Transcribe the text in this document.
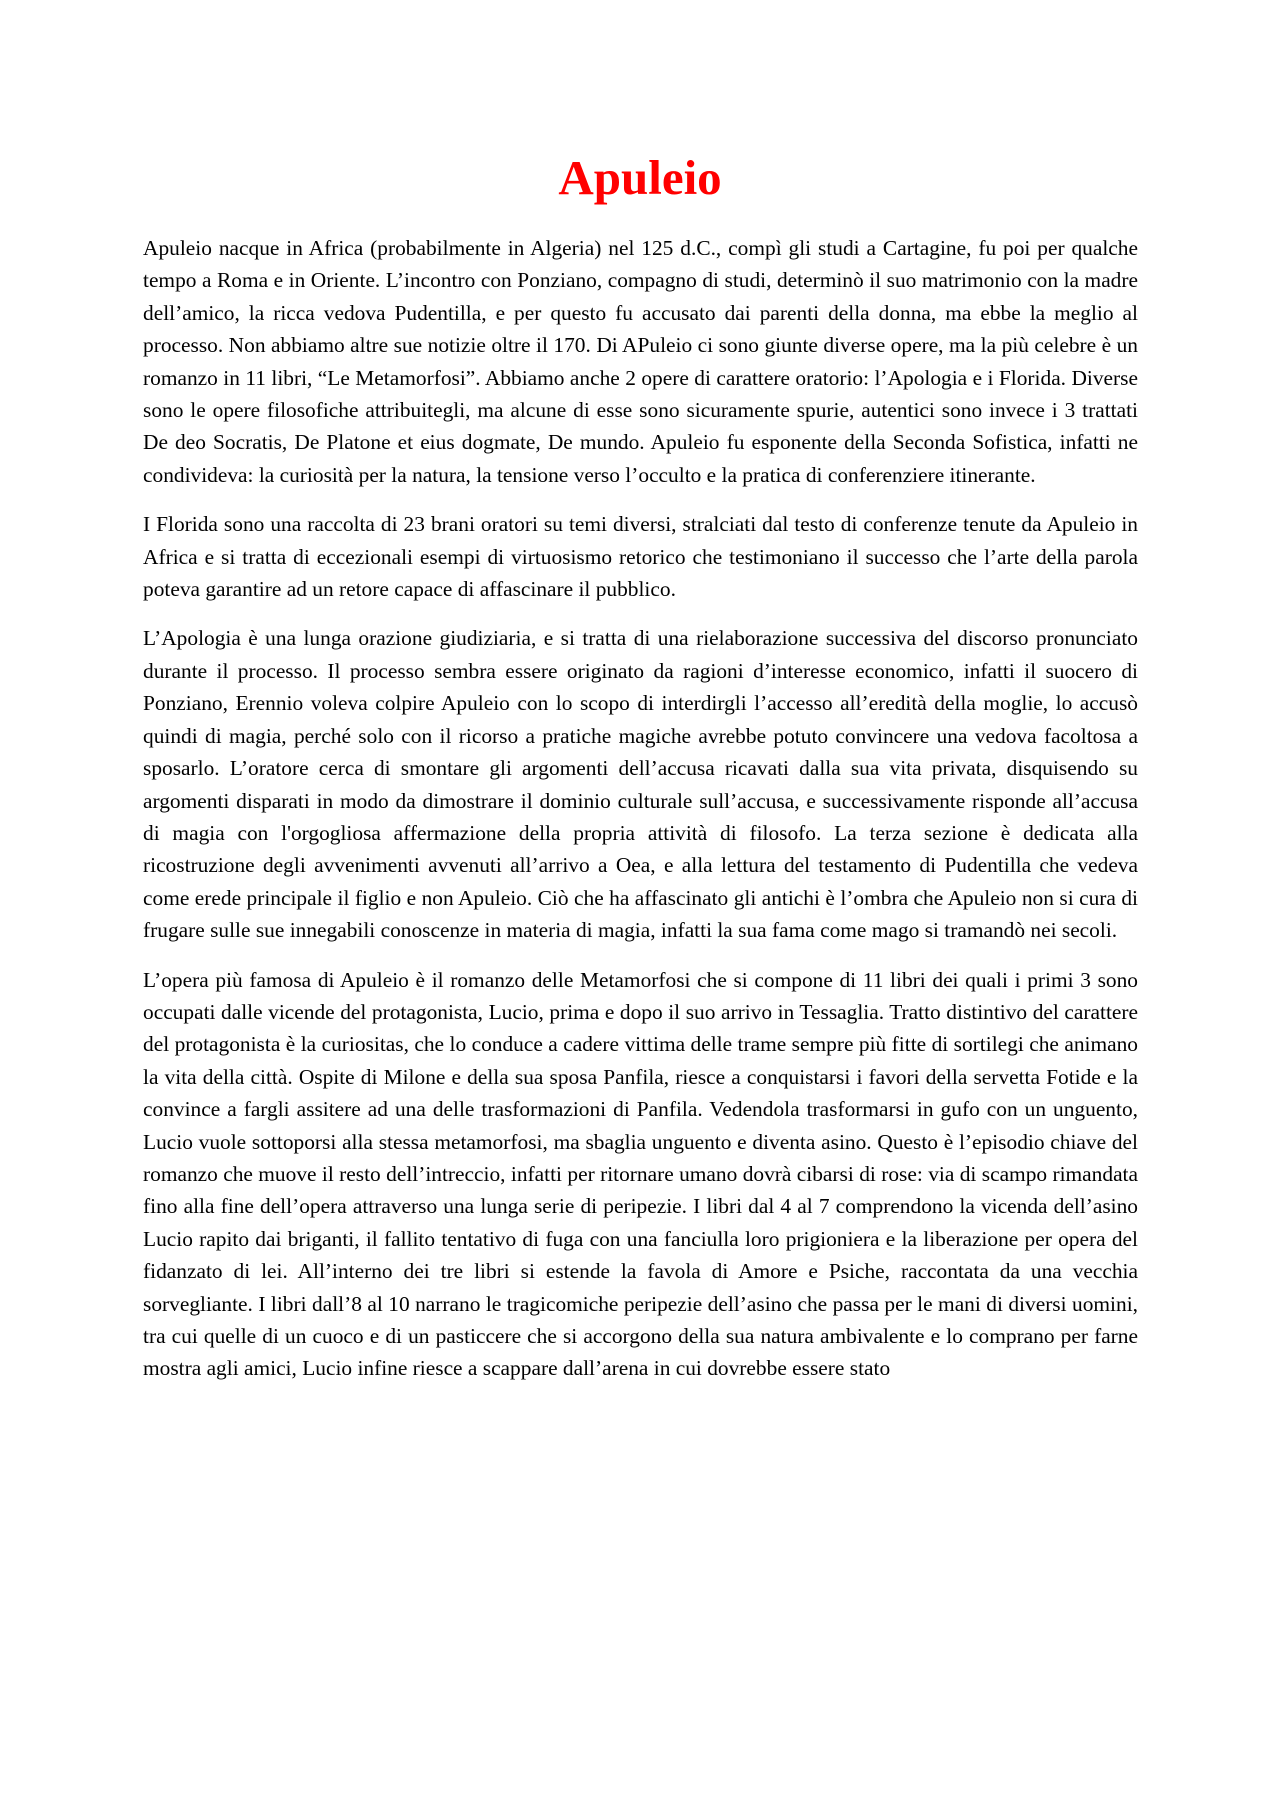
Apuleio

Apuleio nacque in Africa (probabilmente in Algeria) nel 125 d.C., compì gli studi a Cartagine, fu poi per qualche tempo a Roma e in Oriente. L’incontro con Ponziano, compagno di studi, determinò il suo matrimonio con la madre dell’amico, la ricca vedova Pudentilla, e per questo fu accusato dai parenti della donna, ma ebbe la meglio al processo. Non abbiamo altre sue notizie oltre il 170. Di APuleio ci sono giunte diverse opere, ma la più celebre è un romanzo in 11 libri, “Le Metamorfosi”. Abbiamo anche 2 opere di carattere oratorio: l’Apologia e i Florida. Diverse sono le opere filosofiche attribuitegli, ma alcune di esse sono sicuramente spurie, autentici sono invece i 3 trattati De deo Socratis, De Platone et eius dogmate, De mundo. Apuleio fu esponente della Seconda Sofistica, infatti ne condivideva: la curiosità per la natura, la tensione verso l’occulto e la pratica di conferenziere itinerante.

I Florida sono una raccolta di 23 brani oratori su temi diversi, stralciati dal testo di conferenze tenute da Apuleio in Africa e si tratta di eccezionali esempi di virtuosismo retorico che testimoniano il successo che l’arte della parola poteva garantire ad un retore capace di affascinare il pubblico.

L’Apologia è una lunga orazione giudiziaria, e si tratta di una rielaborazione successiva del discorso pronunciato durante il processo. Il processo sembra essere originato da ragioni d’interesse economico, infatti il suocero di Ponziano, Erennio voleva colpire Apuleio con lo scopo di interdirgli l’accesso all’eredità della moglie, lo accusò quindi di magia, perché solo con il ricorso a pratiche magiche avrebbe potuto convincere una vedova facoltosa a sposarlo. L’oratore cerca di smontare gli argomenti dell’accusa ricavati dalla sua vita privata, disquisendo su argomenti disparati in modo da dimostrare il dominio culturale sull’accusa, e successivamente risponde all’accusa di magia con l'orgogliosa affermazione della propria attività di filosofo. La terza sezione è dedicata alla ricostruzione degli avvenimenti avvenuti all’arrivo a Oea, e alla lettura del testamento di Pudentilla che vedeva come erede principale il figlio e non Apuleio. Ciò che ha affascinato gli antichi è l’ombra che Apuleio non si cura di frugare sulle sue innegabili conoscenze in materia di magia, infatti la sua fama come mago si tramandò nei secoli.

L’opera più famosa di Apuleio è il romanzo delle Metamorfosi che si compone di 11 libri dei quali i primi 3 sono occupati dalle vicende del protagonista, Lucio, prima e dopo il suo arrivo in Tessaglia. Tratto distintivo del carattere del protagonista è la curiositas, che lo conduce a cadere vittima delle trame sempre più fitte di sortilegi che animano la vita della città. Ospite di Milone e della sua sposa Panfila, riesce a conquistarsi i favori della servetta Fotide e la convince a fargli assitere ad una delle trasformazioni di Panfila. Vedendola trasformarsi in gufo con un unguento, Lucio vuole sottoporsi alla stessa metamorfosi, ma sbaglia unguento e diventa asino. Questo è l’episodio chiave del romanzo che muove il resto dell’intreccio, infatti per ritornare umano dovrà cibarsi di rose: via di scampo rimandata fino alla fine dell’opera attraverso una lunga serie di peripezie. I libri dal 4 al 7 comprendono la vicenda dell’asino Lucio rapito dai briganti, il fallito tentativo di fuga con una fanciulla loro prigioniera e la liberazione per opera del fidanzato di lei. All’interno dei tre libri si estende la favola di Amore e Psiche, raccontata da una vecchia sorvegliante. I libri dall’8 al 10 narrano le tragicomiche peripezie dell’asino che passa per le mani di diversi uomini, tra cui quelle di un cuoco e di un pasticcere che si accorgono della sua natura ambivalente e lo comprano per farne mostra agli amici, Lucio infine riesce a scappare dall’arena in cui dovrebbe essere stato
